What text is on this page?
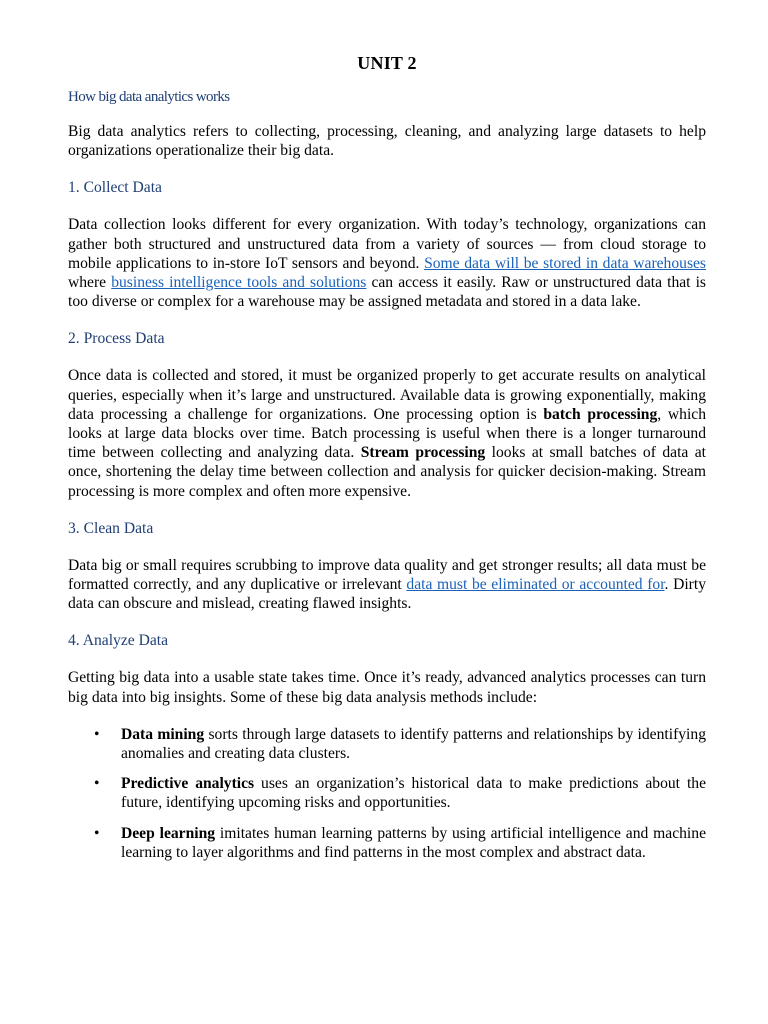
UNIT 2
How big data analytics works

Big data analytics refers to collecting, processing, cleaning, and analyzing large datasets to help organizations operationalize their big data.

1. Collect Data

Data collection looks different for every organization. With today’s technology, organizations can gather both structured and unstructured data from a variety of sources — from cloud storage to mobile applications to in-store IoT sensors and beyond. Some data will be stored in data warehouses where business intelligence tools and solutions can access it easily. Raw or unstructured data that is too diverse or complex for a warehouse may be assigned metadata and stored in a data lake.

2. Process Data

Once data is collected and stored, it must be organized properly to get accurate results on analytical queries, especially when it’s large and unstructured. Available data is growing exponentially, making data processing a challenge for organizations. One processing option is batch processing, which looks at large data blocks over time. Batch processing is useful when there is a longer turnaround time between collecting and analyzing data. Stream processing looks at small batches of data at once, shortening the delay time between collection and analysis for quicker decision-making. Stream processing is more complex and often more expensive.

3. Clean Data

Data big or small requires scrubbing to improve data quality and get stronger results; all data must be formatted correctly, and any duplicative or irrelevant data must be eliminated or accounted for. Dirty data can obscure and mislead, creating flawed insights.

4. Analyze Data

Getting big data into a usable state takes time. Once it’s ready, advanced analytics processes can turn big data into big insights. Some of these big data analysis methods include:

• Data mining sorts through large datasets to identify patterns and relationships by identifying anomalies and creating data clusters.

• Predictive analytics uses an organization’s historical data to make predictions about the future, identifying upcoming risks and opportunities.

• Deep learning imitates human learning patterns by using artificial intelligence and machine learning to layer algorithms and find patterns in the most complex and abstract data.
